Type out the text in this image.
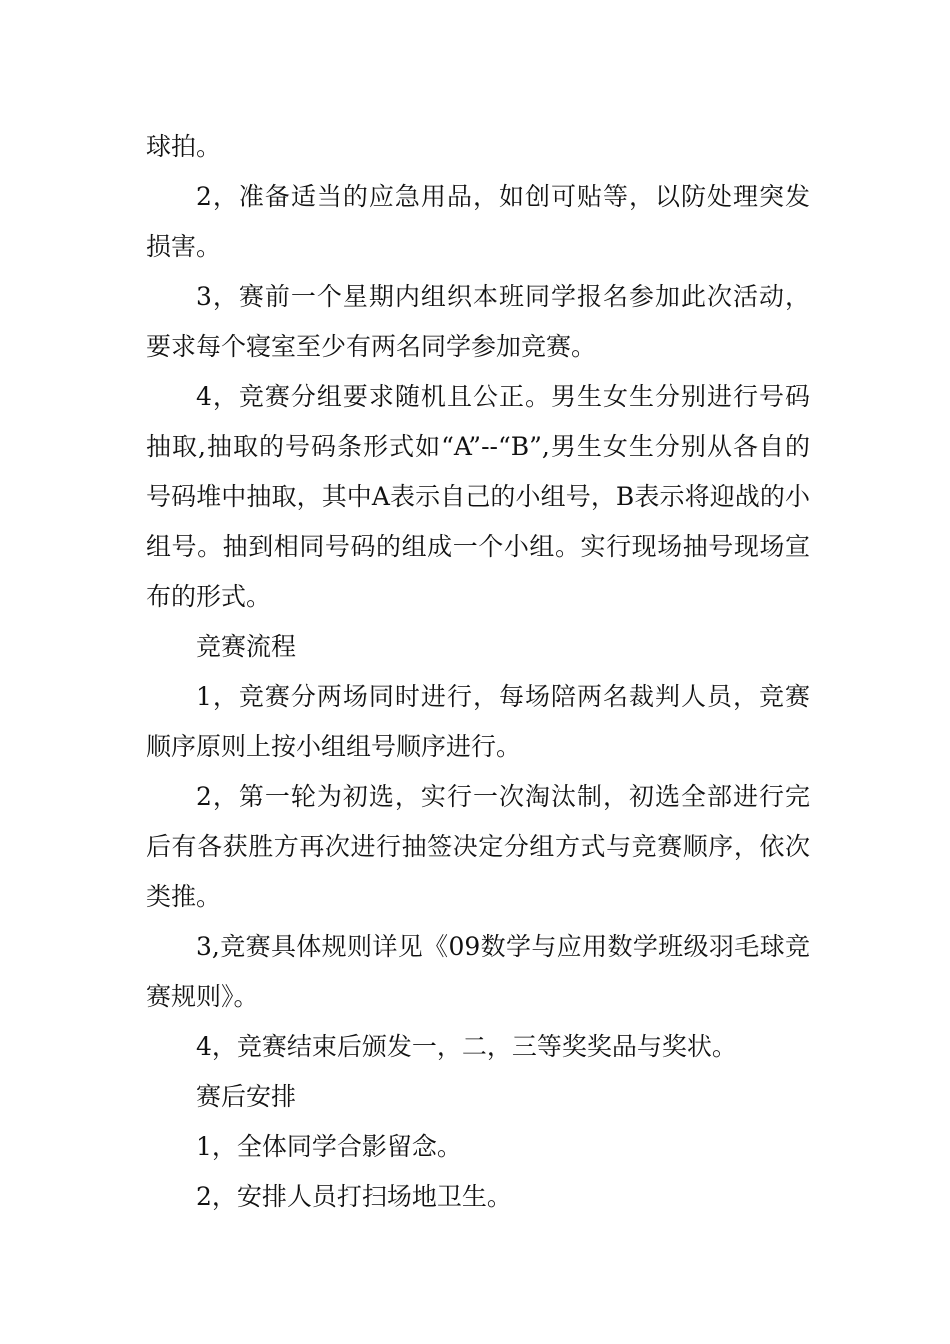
球拍。

2，准备适当的应急用品，如创可贴等，以防处理突发损害。

3，赛前一个星期内组织本班同学报名参加此次活动，要求每个寝室至少有两名同学参加竞赛。

4，竞赛分组要求随机且公正。男生女生分别进行号码抽取,抽取的号码条形式如“A”--“B”,男生女生分别从各自的号码堆中抽取，其中A表示自己的小组号，B表示将迎战的小组号。抽到相同号码的组成一个小组。实行现场抽号现场宣布的形式。

竞赛流程

1，竞赛分两场同时进行，每场陪两名裁判人员，竞赛顺序原则上按小组组号顺序进行。

2，第一轮为初选，实行一次淘汰制，初选全部进行完后有各获胜方再次进行抽签决定分组方式与竞赛顺序，依次类推。

3,竞赛具体规则详见《09数学与应用数学班级羽毛球竞赛规则》。

4，竞赛结束后颁发一，二，三等奖奖品与奖状。

赛后安排

1，全体同学合影留念。

2，安排人员打扫场地卫生。
